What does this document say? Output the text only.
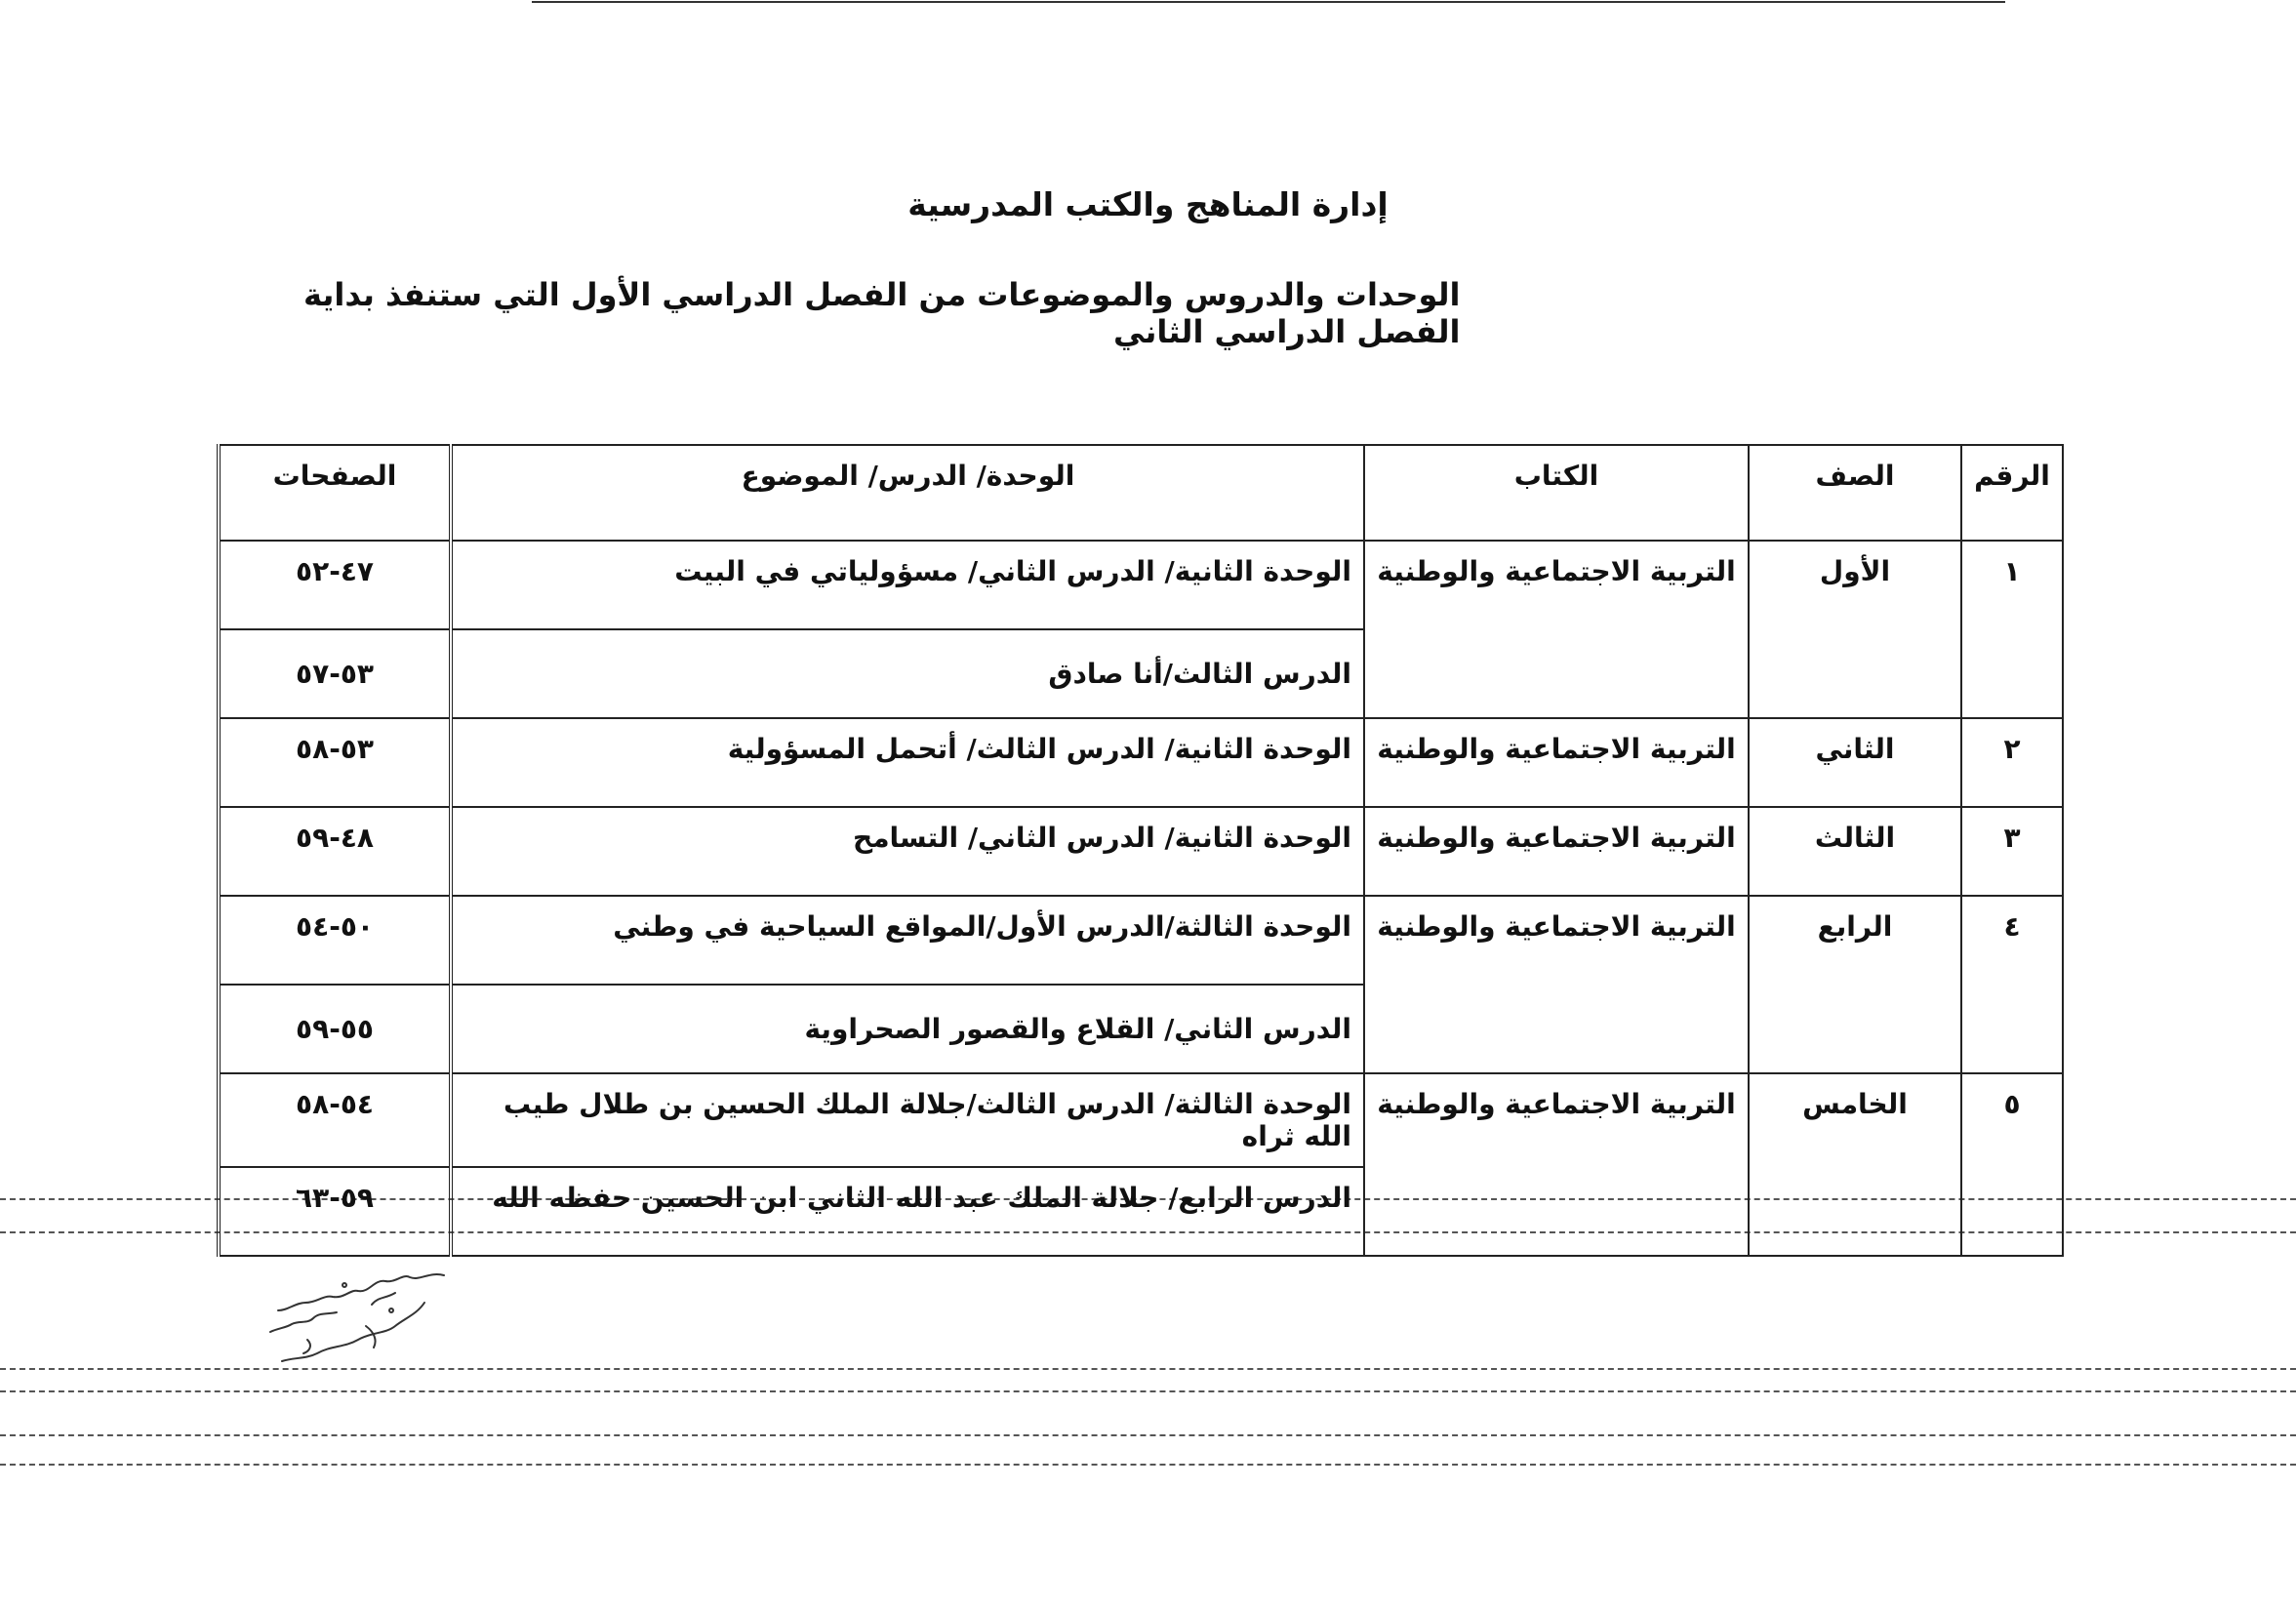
إدارة المناهج والكتب المدرسية
الوحدات والدروس والموضوعات من الفصل الدراسي الأول التي ستنفذ بداية الفصل الدراسي الثاني
الرقم	الصف	الكتاب	الوحدة/ الدرس/ الموضوع	الصفحات
١	الأول	التربية الاجتماعية والوطنية	الوحدة الثانية/ الدرس الثاني/ مسؤولياتي في البيت	٤٧-٥٢
			الدرس الثالث/أنا صادق	٥٣-٥٧
٢	الثاني	التربية الاجتماعية والوطنية	الوحدة الثانية/ الدرس الثالث/ أتحمل المسؤولية	٥٣-٥٨
٣	الثالث	التربية الاجتماعية والوطنية	الوحدة الثانية/ الدرس الثاني/ التسامح	٤٨-٥٩
٤	الرابع	التربية الاجتماعية والوطنية	الوحدة الثالثة/الدرس الأول/المواقع السياحية في وطني	٥٠-٥٤
			الدرس الثاني/ القلاع والقصور الصحراوية	٥٥-٥٩
٥	الخامس	التربية الاجتماعية والوطنية	الوحدة الثالثة/ الدرس الثالث/جلالة الملك الحسين بن طلال طيب الله ثراه	٥٤-٥٨
			الدرس الرابع/ جلالة الملك عبد الله الثاني ابن الحسين حفظه الله	٥٩-٦٣
